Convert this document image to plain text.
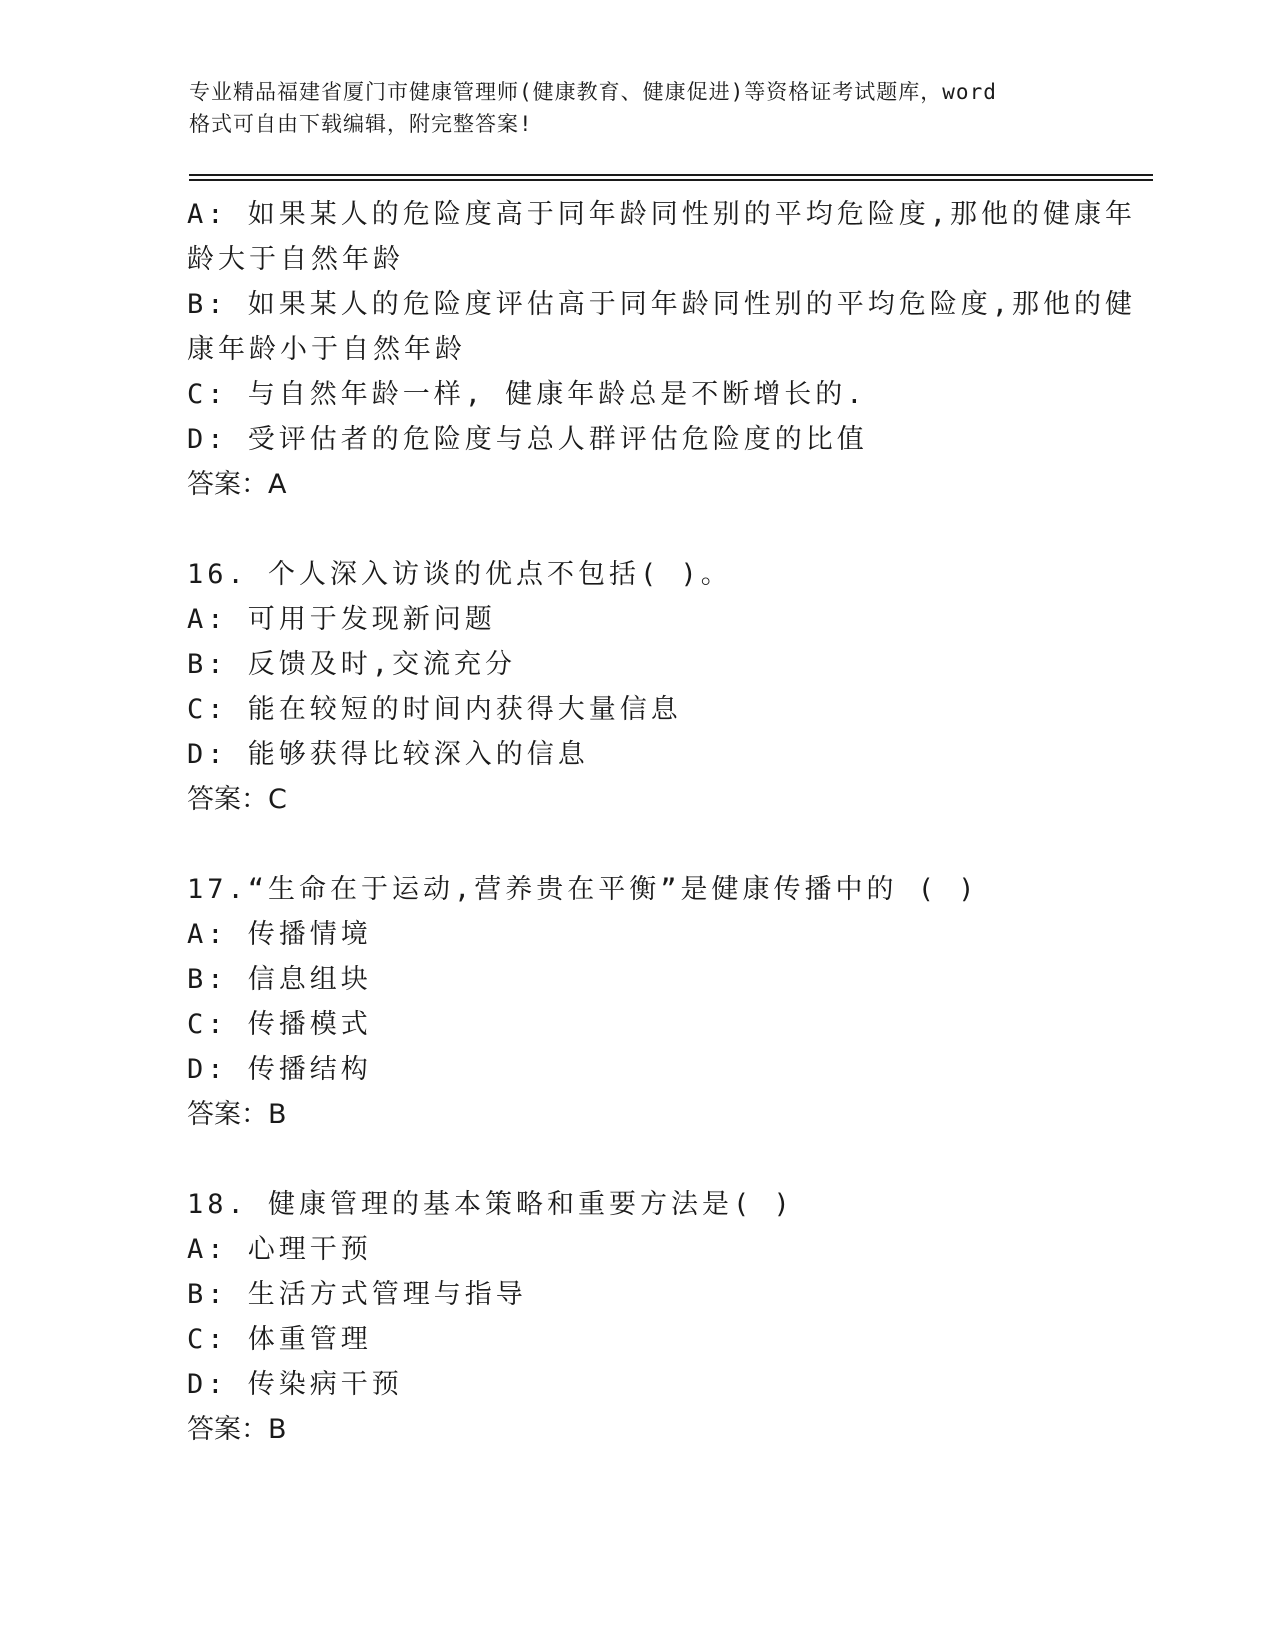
专业精品福建省厦门市健康管理师(健康教育、健康促进)等资格证考试题库，word
格式可自由下载编辑，附完整答案!
A: 如果某人的危险度高于同年龄同性别的平均危险度,那他的健康年
龄大于自然年龄
B: 如果某人的危险度评估高于同年龄同性别的平均危险度,那他的健
康年龄小于自然年龄
C: 与自然年龄一样, 健康年龄总是不断增长的.
D: 受评估者的危险度与总人群评估危险度的比值
答案：A
16. 个人深入访谈的优点不包括( )。
A: 可用于发现新问题
B: 反馈及时,交流充分
C: 能在较短的时间内获得大量信息
D: 能够获得比较深入的信息
答案：C
17.“生命在于运动,营养贵在平衡”是健康传播中的 ( )
A: 传播情境
B: 信息组块
C: 传播模式
D: 传播结构
答案：B
18. 健康管理的基本策略和重要方法是( )
A: 心理干预
B: 生活方式管理与指导
C: 体重管理
D: 传染病干预
答案：B
